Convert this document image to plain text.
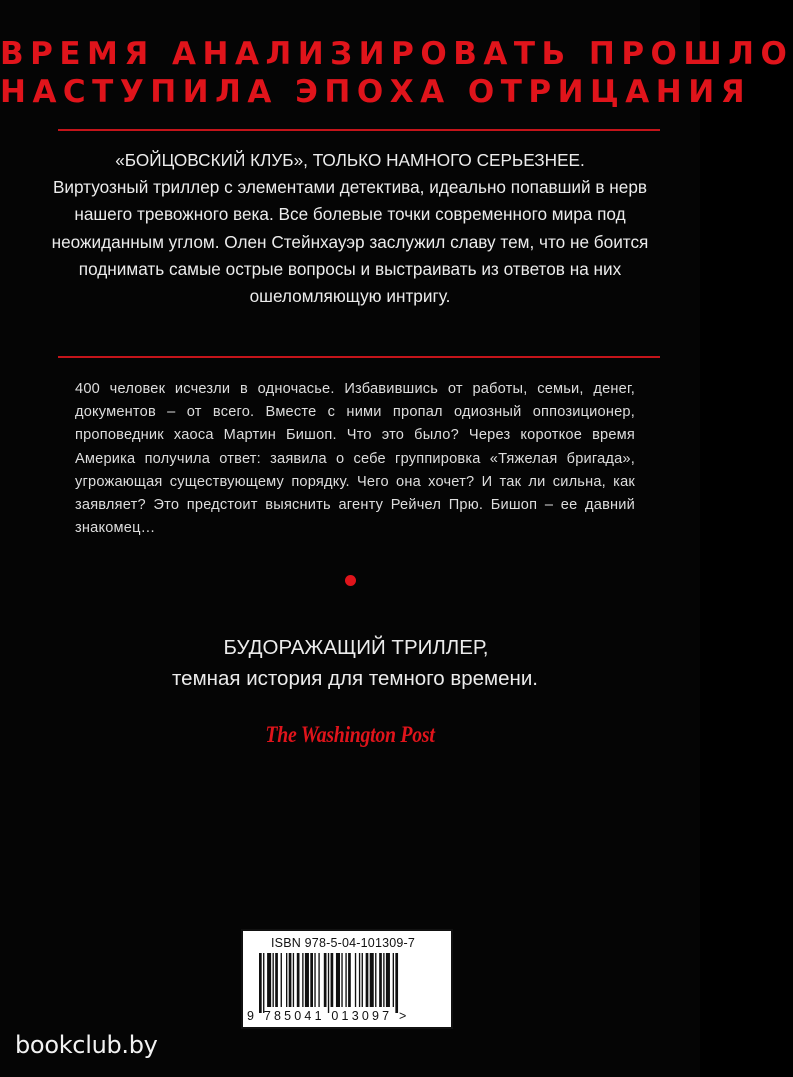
ВРЕМЯ АНАЛИЗИРОВАТЬ ПРОШЛО
НАСТУПИЛА ЭПОХА ОТРИЦАНИЯ
«БОЙЦОВСКИЙ КЛУБ», ТОЛЬКО НАМНОГО СЕРЬЕЗНЕЕ.
Виртуозный триллер с элементами детектива, идеально попавший в нерв нашего тревожного века. Все болевые точки современного мира под неожиданным углом. Олен Стейнхауэр заслужил славу тем, что не боится поднимать самые острые вопросы и выстраивать из ответов на них ошеломляющую интригу.
400 человек исчезли в одночасье. Избавившись от работы, семьи, денег, документов – от всего. Вместе с ними пропал одиозный оппозиционер, проповедник хаоса Мартин Бишоп. Что это было? Через короткое время Америка получила ответ: заявила о себе группировка «Тяжелая бригада», угрожающая существующему порядку. Чего она хочет? И так ли сильна, как заявляет? Это предстоит выяснить агенту Рейчел Прю. Бишоп – ее давний знакомец…
БУДОРАЖАЩИЙ ТРИЛЛЕР,
темная история для темного времени.
The Washington Post
ISBN 978-5-04-101309-7
9 785041 013097 >
bookclub.by
